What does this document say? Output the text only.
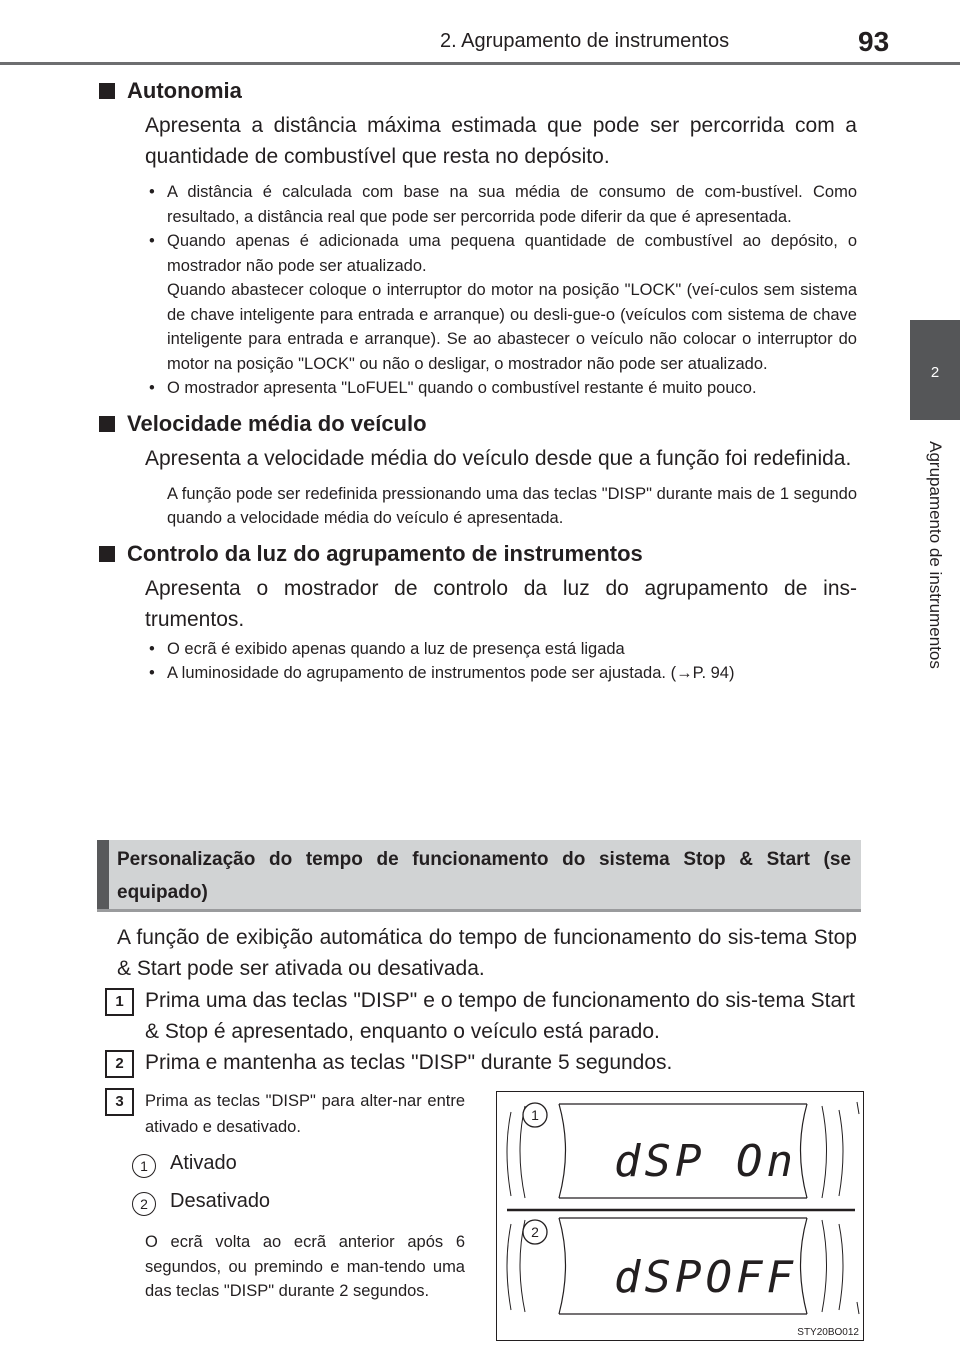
2. Agrupamento de instrumentos	93
2
Agrupamento de instrumentos
Autonomia

Apresenta a distância máxima estimada que pode ser percorrida com a quantidade de combustível que resta no depósito.

• A distância é calculada com base na sua média de consumo de com-bustível. Como resultado, a distância real que pode ser percorrida pode diferir da que é apresentada.
• Quando apenas é adicionada uma pequena quantidade de combustível ao depósito, o mostrador não pode ser atualizado.
Quando abastecer coloque o interruptor do motor na posição "LOCK" (veí-culos sem sistema de chave inteligente para entrada e arranque) ou desli-gue-o (veículos com sistema de chave inteligente para entrada e arranque). Se ao abastecer o veículo não colocar o interruptor do motor na posição "LOCK" ou não o desligar, o mostrador não pode ser atualizado.
• O mostrador apresenta "LoFUEL" quando o combustível restante é muito pouco.
Velocidade média do veículo

Apresenta a velocidade média do veículo desde que a função foi redefinida.

A função pode ser redefinida pressionando uma das teclas "DISP" durante mais de 1 segundo quando a velocidade média do veículo é apresentada.

Controlo da luz do agrupamento de instrumentos

Apresenta o mostrador de controlo da luz do agrupamento de ins-trumentos.

• O ecrã é exibido apenas quando a luz de presença está ligada
• A luminosidade do agrupamento de instrumentos pode ser ajustada. (→P. 94)
Personalização do tempo de funcionamento do sistema Stop & Start (se equipado)
A função de exibição automática do tempo de funcionamento do sis-tema Stop & Start pode ser ativada ou desativada.
1	Prima uma das teclas "DISP" e o tempo de funcionamento do sis-tema Start & Stop é apresentado, enquanto o veículo está parado.
2	Prima e mantenha as teclas "DISP" durante 5 segundos.
3	Prima as teclas "DISP" para alter-nar entre ativado e desativado.
1	Ativado
2	Desativado
O ecrã volta ao ecrã anterior após 6 segundos, ou premindo e man-tendo uma das teclas "DISP" durante 2 segundos.
1
dSP On
2
dSPOFF
STY20BO012
